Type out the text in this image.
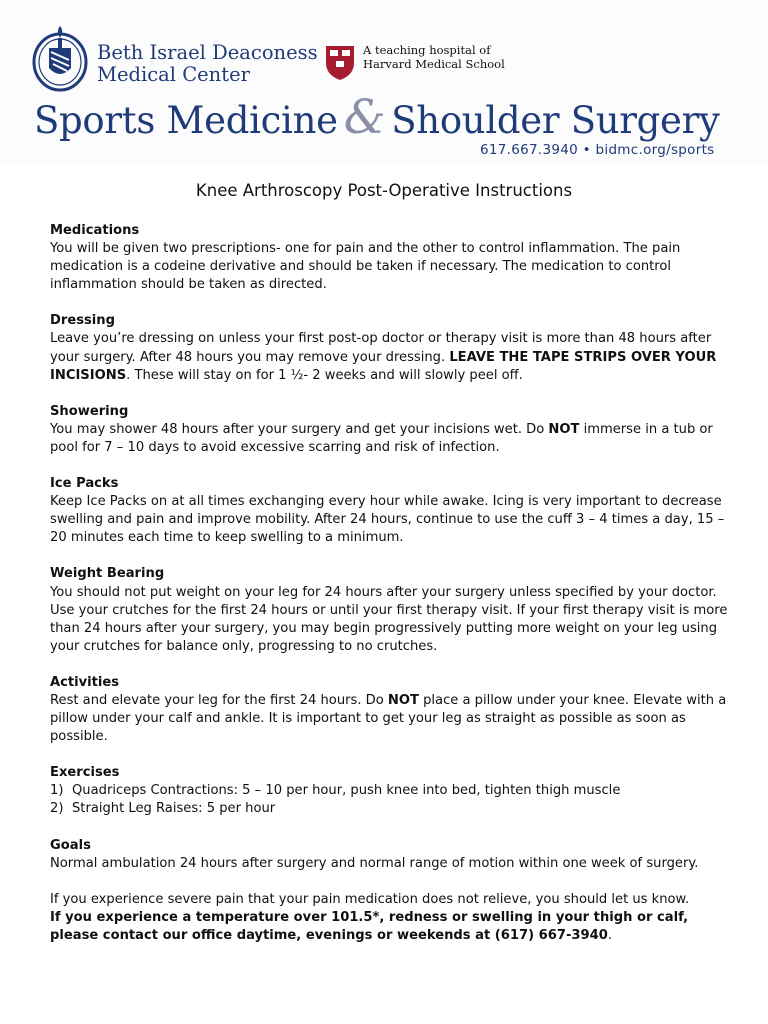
Beth Israel Deaconess
Medical Center
A teaching hospital of
Harvard Medical School
Sports Medicine & Shoulder Surgery
617.667.3940 • bidmc.org/sports
Knee Arthroscopy Post-Operative Instructions
Medications

You will be given two prescriptions- one for pain and the other to control inflammation. The pain medication is a codeine derivative and should be taken if necessary. The medication to control inflammation should be taken as directed.

Dressing

Leave you’re dressing on unless your first post-op doctor or therapy visit is more than 48 hours after your surgery. After 48 hours you may remove your dressing. LEAVE THE TAPE STRIPS OVER YOUR INCISIONS. These will stay on for 1 ½- 2 weeks and will slowly peel off.

Showering

You may shower 48 hours after your surgery and get your incisions wet. Do NOT immerse in a tub or pool for 7 – 10 days to avoid excessive scarring and risk of infection.

Ice Packs

Keep Ice Packs on at all times exchanging every hour while awake. Icing is very important to decrease swelling and pain and improve mobility. After 24 hours, continue to use the cuff 3 – 4 times a day, 15 – 20 minutes each time to keep swelling to a minimum.

Weight Bearing

You should not put weight on your leg for 24 hours after your surgery unless specified by your doctor. Use your crutches for the first 24 hours or until your first therapy visit. If your first therapy visit is more than 24 hours after your surgery, you may begin progressively putting more weight on your leg using your crutches for balance only, progressing to no crutches.

Activities

Rest and elevate your leg for the first 24 hours. Do NOT place a pillow under your knee. Elevate with a pillow under your calf and ankle. It is important to get your leg as straight as possible as soon as possible.

Exercises
1) Quadriceps Contractions: 5 – 10 per hour, push knee into bed, tighten thigh muscle
2) Straight Leg Raises: 5 per hour
Goals

Normal ambulation 24 hours after surgery and normal range of motion within one week of surgery.

If you experience severe pain that your pain medication does not relieve, you should let us know.

If you experience a temperature over 101.5*, redness or swelling in your thigh or calf, please contact our office daytime, evenings or weekends at (617) 667-3940.
